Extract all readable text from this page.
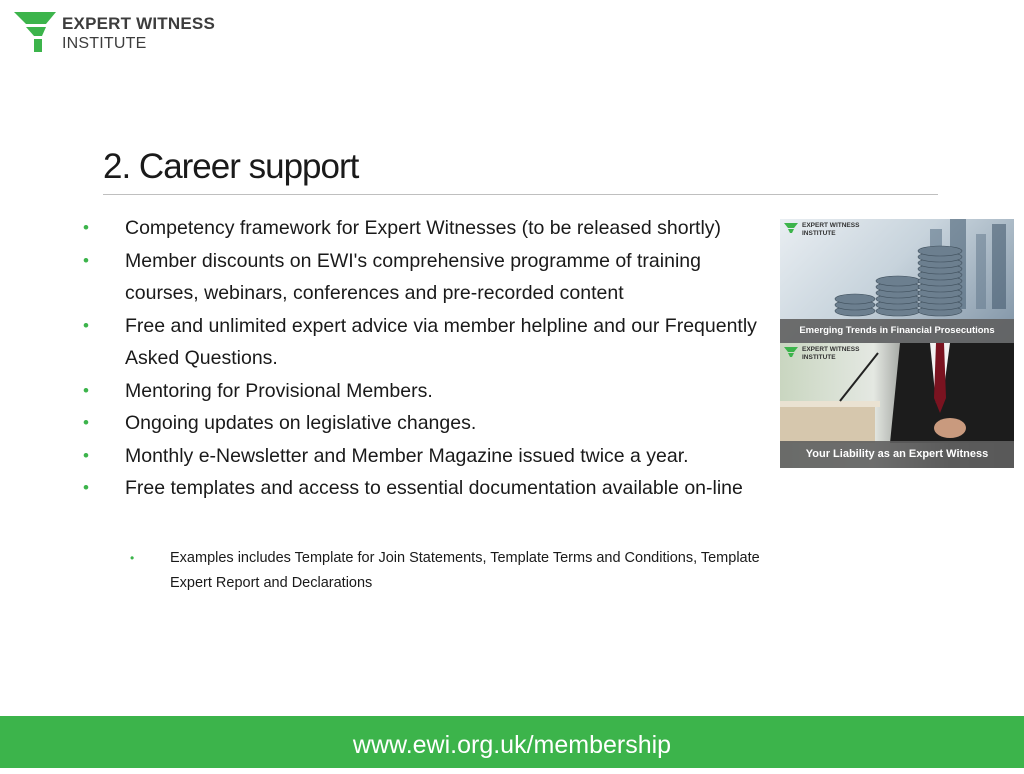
EXPERT WITNESS
INSTITUTE
2. Career support
• Competency framework for Expert Witnesses (to be released shortly)
• Member discounts on EWI's comprehensive programme of training courses, webinars, conferences and pre-recorded content
• Free and unlimited expert advice via member helpline and our Frequently Asked Questions.
• Mentoring for Provisional Members.
• Ongoing updates on legislative changes.
• Monthly e-Newsletter and Member Magazine issued twice a year.
• Free templates and access to essential documentation available on-line
• Examples includes Template for Join Statements, Template Terms and Conditions, Template Expert Report and Declarations
EXPERT WITNESS
INSTITUTE
Emerging Trends in Financial Prosecutions
EXPERT WITNESS
INSTITUTE
Your Liability as an Expert Witness
www.ewi.org.uk/membership
